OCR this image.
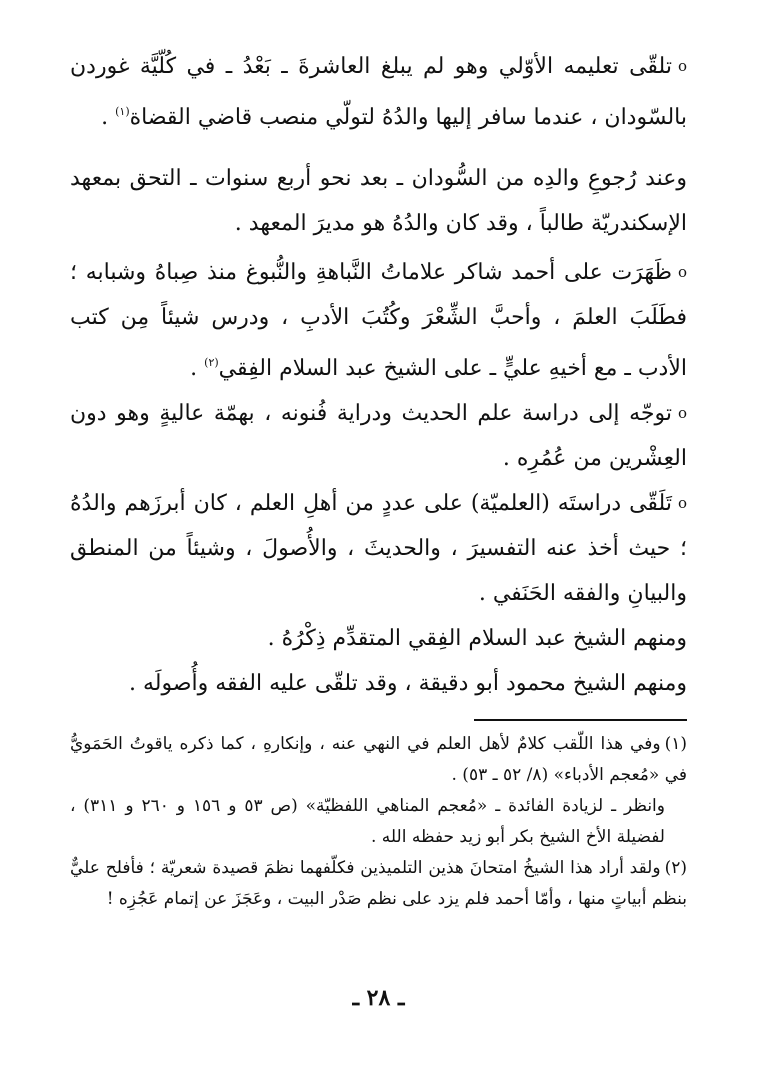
oتلقّى تعليمه الأوّلي وهو لم يبلغ العاشرةَ ـ بَعْدُ ـ في كُلّيَّة غوردن بالسّودان ، عندما سافر إليها والدُهُ لتولّي منصب قاضي القضاة$^{(١)}$ .

وعند رُجوعِ والدِه من السُّودان ـ بعد نحو أربع سنوات ـ التحق بمعهد الإسكندريّة طالباً ، وقد كان والدُهُ هو مديرَ المعهد .

oظَهَرَت على أحمد شاكر علاماتُ النَّباهةِ والنُّبوغ منذ صِباهُ وشبابه ؛ فطَلَبَ العلمَ ، وأحبَّ الشِّعْرَ وكُتُبَ الأدبِ ، ودرس شيئاً مِن كتب الأدب ـ مع أخيهِ عليٍّ ـ على الشيخ عبد السلام الفِقي$^{(٢)}$ .

oتوجّه إلى دراسة علم الحديث ودراية فُنونه ، بهمّة عاليةٍ وهو دون العِشْرين من عُمُرِه .

oتَلَقّى دراستَه (العلميّة) على عددٍ من أهلِ العلم ، كان أبرزَهم والدُهُ ؛ حيث أخذ عنه التفسيرَ ، والحديثَ ، والأُصولَ ، وشيئاً من المنطق والبيانِ والفقه الحَنَفي .

ومنهم الشيخ عبد السلام الفِقي المتقدِّم ذِكْرُهُ .

ومنهم الشيخ محمود أبو دقيقة ، وقد تلقّى عليه الفقه وأُصولَه .

(١)وفي هذا اللّقب كلامٌ لأهل العلم في النهي عنه ، وإنكارهِ ، كما ذكره ياقوتُ الحَمَويُّ في «مُعجم الأدباء» (٨/ ٥٢ ـ ٥٣) .

وانظر ـ لزيادة الفائدة ـ «مُعجم المناهي اللفظيّة» (ص ٥٣ و ١٥٦ و ٢٦٠ و ٣١١) ، لفضيلة الأخ الشيخ بكر أبو زيد حفظه الله .

(٢)ولقد أراد هذا الشيخُ امتحانَ هذين التلميذين فكلّفهما نظمَ قصيدة شعريّة ؛ فأفلح عليٌّ بنظم أبياتٍ منها ، وأمّا أحمد فلم يزد على نظم صَدْر البيت ، وعَجَزَ عن إتمام عَجُزِه !

ـ ٢٨ ـ
